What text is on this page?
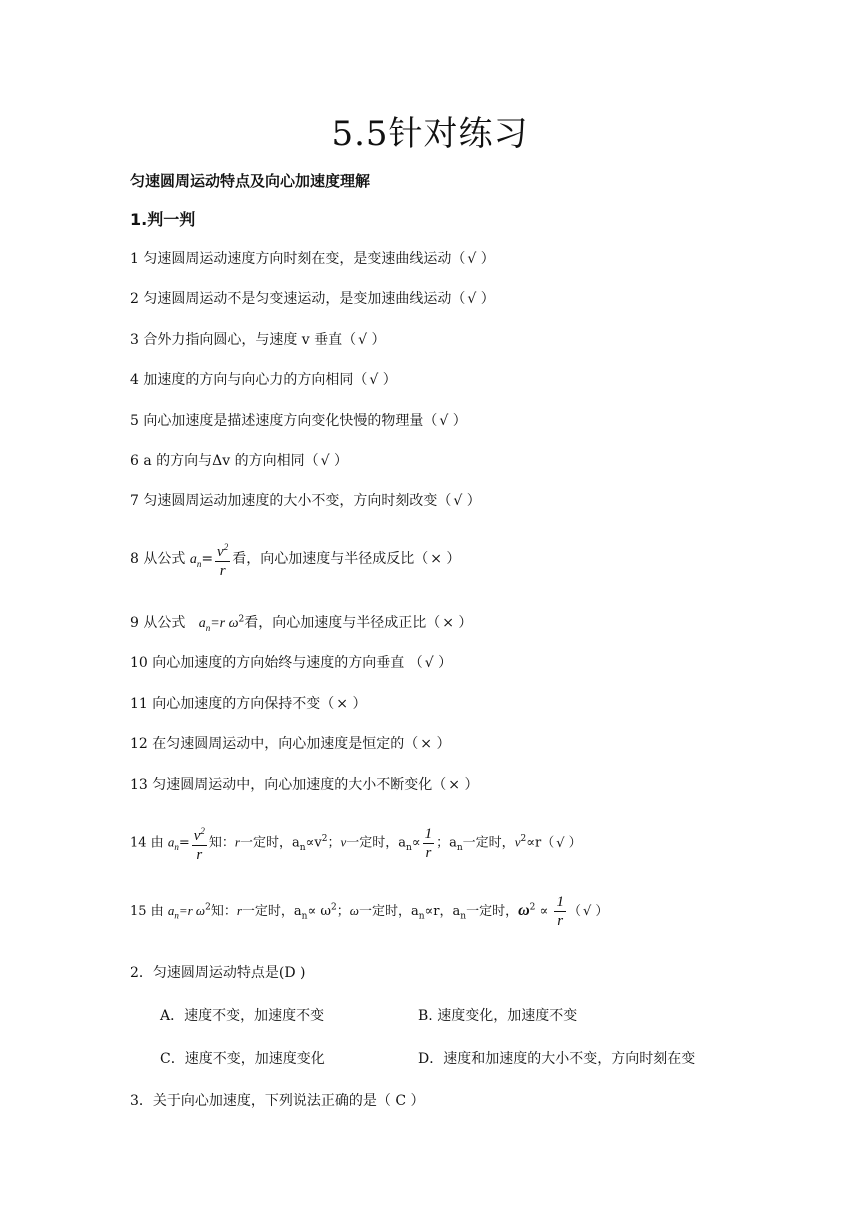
5.5针对练习
匀速圆周运动特点及向心加速度理解
1.判一判
1 匀速圆周运动速度方向时刻在变，是变速曲线运动（ √ ）
2 匀速圆周运动不是匀变速运动，是变加速曲线运动（ √ ）
3 合外力指向圆心，与速度 v 垂直（ √ ）
4 加速度的方向与向心力的方向相同（ √ ）
5 向心加速度是描述速度方向变化快慢的物理量（ √ ）
6 a 的方向与Δv 的方向相同（ √ ）
7 匀速圆周运动加速度的大小不变，方向时刻改变（ √ ）
8 从公式 $a_n= \frac{v^2}{r}$ 看，向心加速度与半径成反比（ × ）
9 从公式 $a_n=r$ $\omega^2$看，向心加速度与半径成正比（ × ）
10 向心加速度的方向始终与速度的方向垂直 （ √ ）
11 向心加速度的方向保持不变（ × ）
12 在匀速圆周运动中，向心加速度是恒定的（ × ）
13 匀速圆周运动中，向心加速度的大小不断变化（ × ）
14 由 $a_n= \frac{v^2}{r}$ 知：r一定时，$a_n\propto v^2$；v一定时，$a_n\propto \frac{1}{r}$ ；$a_n$一定时，$v^2\propto r$（ √ ）
15 由 $a_n=r$ $\omega^2$知：r一定时，$a_n\propto \omega^2$；ω一定时，$a_n\propto r$，$a_n$一定时，$\omega^2 \propto \frac{1}{r}$ （ √ ）
2．匀速圆周运动特点是(D )
A．速度不变，加速度不变	B. 速度变化，加速度不变
C．速度不变，加速度变化	D．速度和加速度的大小不变，方向时刻在变
3．关于向心加速度，下列说法正确的是（ C ）
